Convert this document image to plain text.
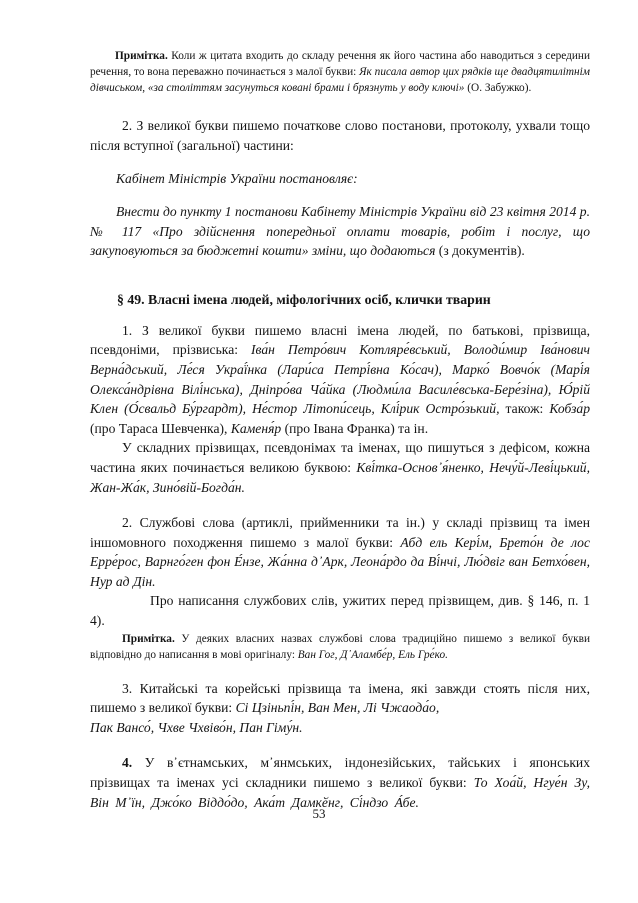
Примітка. Коли ж цитата входить до складу речення як його частина або наводиться з середини речення, то вона переважно починається з малої букви: Як писала автор цих рядків ще двадцятилітнім дівчиськом, «за століттям засунуться ковані брами і брязнуть у воду ключі» (О. Забужко).

2. З великої букви пишемо початкове слово постанови, протоколу, ухвали тощо після вступної (загальної) частини:

Кабінет Міністрів України постановляє:

Внести до пункту 1 постанови Кабінету Міністрів України від 23 квітня 2014 р. № 117 «Про здійснення попередньої оплати товарів, робіт і послуг, що закуповуються за бюджетні кошти» зміни, що додаються (з документів).

§ 49. Власні імена людей, міфологічних осіб, клички тварин

1. З великої букви пишемо власні імена людей, по батькові, прізвища, псевдоніми, прізвиська: Іва́н Петро́вич Котляре́вський, Володи́мир Іва́нович Верна́дський, Ле́ся Украї́нка (Лари́са Петрі́вна Ко́сач), Марко́ Вовчо́к (Марі́я Олекса́ндрівна Вілі́нська), Дніпро́ва Ча́йка (Людми́ла Василе́вська-Бере́зіна), Ю́рій Клен (О́свальд Бу́ргардт), Не́стор Літопи́сець, Клі́рик Остро́зький, також: Кобза́р (про Тараса Шевченка), Камeня́р (про Івана Франка) та ін.

У складних прізвищах, псевдонімах та іменах, що пишуться з дефісом, кожна частина яких починається великою буквою: Кві́тка-Основ᾽я́ненко, Нечу́й-Леві́цький, Жан-Жа́к, Зино́вій-Богда́н.

2. Службові слова (артиклі, прийменники та ін.) у складі прізвищ та імен іншомовного походження пишемо з малої букви: Абд ель Кері́м, Брето́н де лос Ерре́рос, Варнго́ген фон Е́нзе, Жа́нна д᾽Арк, Леона́рдо да Ві́нчі, Лю́двіг ван Бетхо́вен, Нур ад Дін.

Про написання службових слів, ужитих перед прізвищем, див. § 146, п. 1 4).

Примітка. У деяких власних назвах службові слова традиційно пишемо з великої букви відповідно до написання в мові оригіналу: Ван Гог, Д᾽Аламбе́р, Ель Гре́ко.

3. Китайські та корейські прізвища та імена, які завжди стоять після них, пишемо з великої букви: Сі Цзіньпі́н, Ван Мен, Лі Чжаода́о,
Пак Вансо́, Чхве Чхвіво́н, Пан Гіму́н.

4. У в᾽єтнамських, м᾽янмських, індонезійських, тайських і японських прізвищах та іменах усі складники пишемо з великої букви: То Хоа́й, Нгуе́н Зу, Він М᾽їн, Джо́ко Віддо́до, Ака́т Дамкӗнг, Сі́ндзо А́бе.

53
